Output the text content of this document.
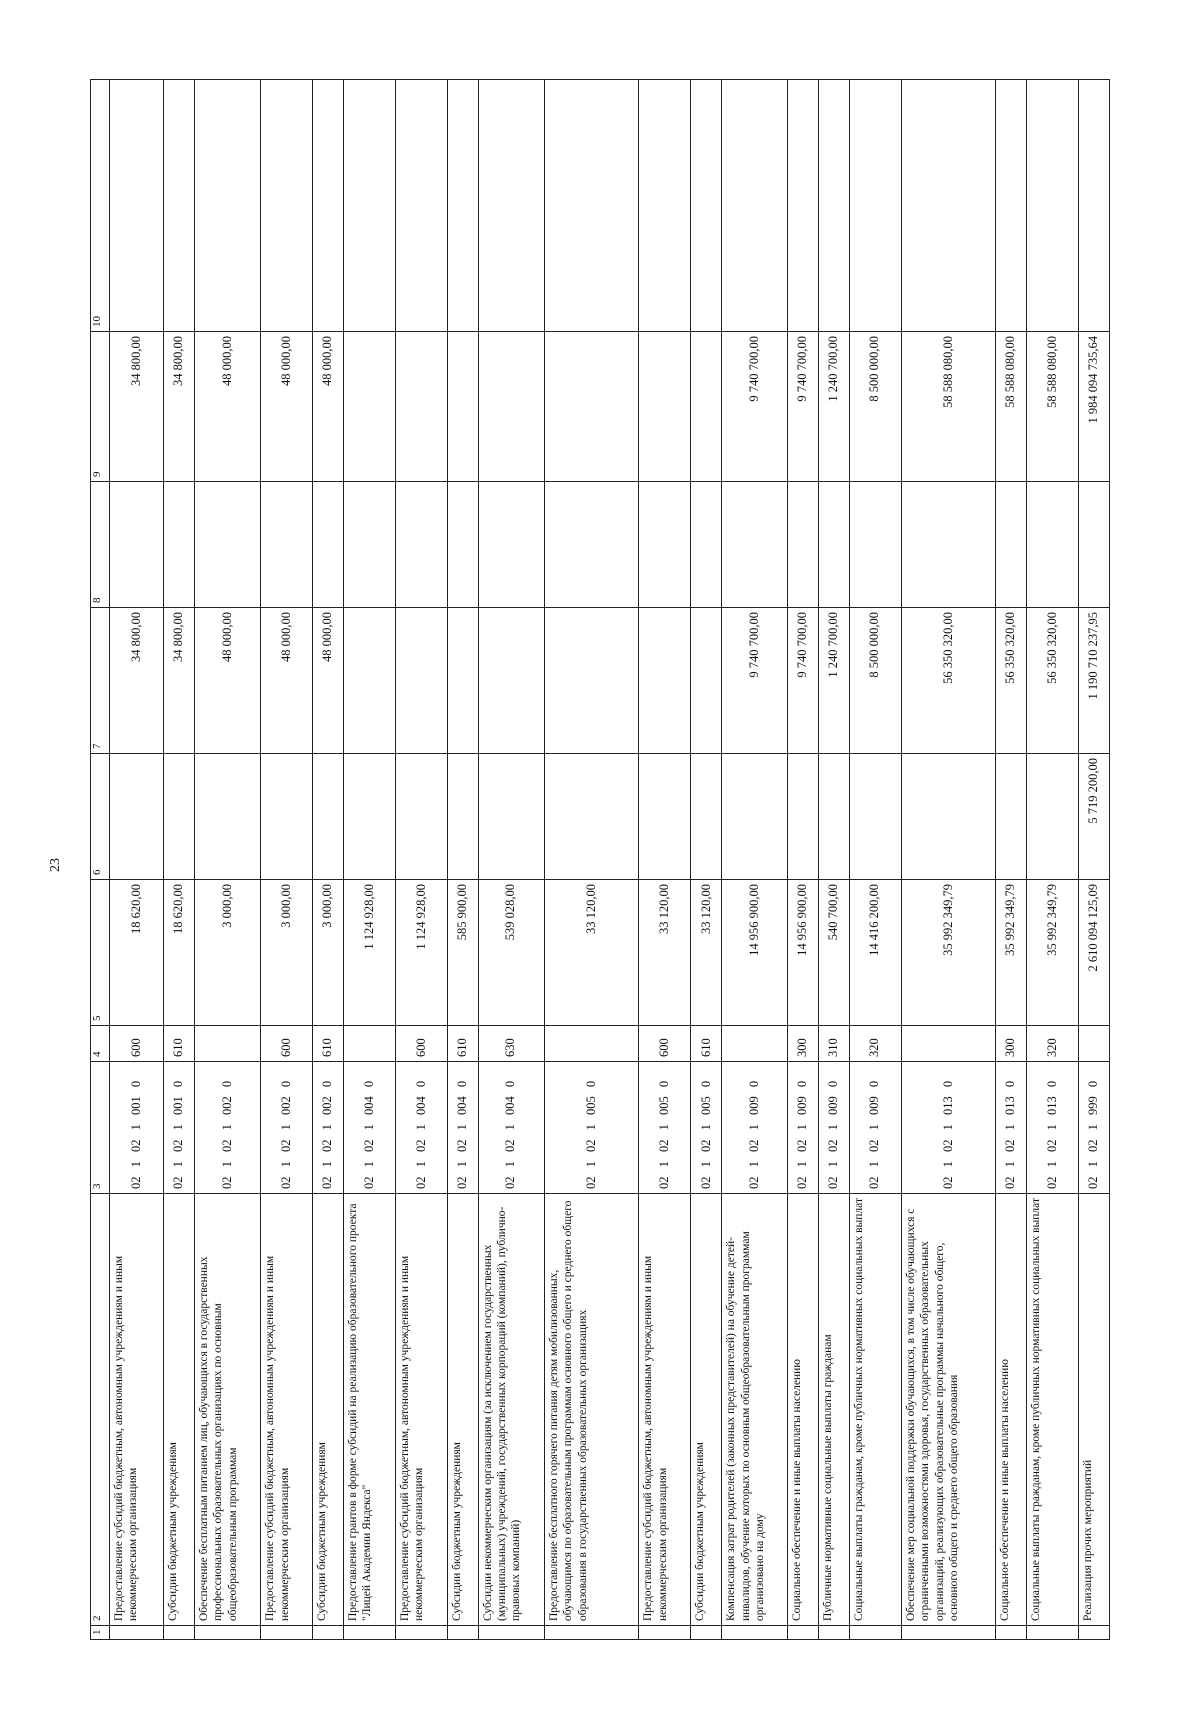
23
1	2	3	4	5	6	7	8	9	10
	Предоставление субсидий бюджетным, автономным учреждениям и иным некоммерческим организациям	02 1 02 1 001 0	600	18 620,00		34 800,00		34 800,00	
	Субсидии бюджетным учреждениям	02 1 02 1 001 0	610	18 620,00		34 800,00		34 800,00	
	Обеспечение бесплатным питанием лиц, обучающихся в государственных профессиональных образовательных организациях по основным общеобразовательным программам	02 1 02 1 002 0		3 000,00		48 000,00		48 000,00	
	Предоставление субсидий бюджетным, автономным учреждениям и иным некоммерческим организациям	02 1 02 1 002 0	600	3 000,00		48 000,00		48 000,00	
	Субсидии бюджетным учреждениям	02 1 02 1 002 0	610	3 000,00		48 000,00		48 000,00	
	Предоставление грантов в форме субсидий на реализацию образовательного проекта "Лицей Академии Яндекса"	02 1 02 1 004 0		1 124 928,00					
	Предоставление субсидий бюджетным, автономным учреждениям и иным некоммерческим организациям	02 1 02 1 004 0	600	1 124 928,00					
	Субсидии бюджетным учреждениям	02 1 02 1 004 0	610	585 900,00					
	Субсидии некоммерческим организациям (за исключением государственных (муниципальных) учреждений, государственных корпораций (компаний), публично-правовых компаний)	02 1 02 1 004 0	630	539 028,00					
	Предоставление бесплатного горячего питания детям мобилизованных, обучающимся по образовательным программам основного общего и среднего общего образования в государственных образовательных организациях	02 1 02 1 005 0		33 120,00					
	Предоставление субсидий бюджетным, автономным учреждениям и иным некоммерческим организациям	02 1 02 1 005 0	600	33 120,00					
	Субсидии бюджетным учреждениям	02 1 02 1 005 0	610	33 120,00					
	Компенсация затрат родителей (законных представителей) на обучение детей-инвалидов, обучение которых по основным общеобразовательным программам организовано на дому	02 1 02 1 009 0		14 956 900,00		9 740 700,00		9 740 700,00	
	Социальное обеспечение и иные выплаты населению	02 1 02 1 009 0	300	14 956 900,00		9 740 700,00		9 740 700,00	
	Публичные нормативные социальные выплаты гражданам	02 1 02 1 009 0	310	540 700,00		1 240 700,00		1 240 700,00	
	Социальные выплаты гражданам, кроме публичных нормативных социальных выплат	02 1 02 1 009 0	320	14 416 200,00		8 500 000,00		8 500 000,00	
	Обеспечение мер социальной поддержки обучающихся, в том числе обучающихся с ограниченными возможностями здоровья, государственных образовательных организаций, реализующих образовательные программы начального общего, основного общего и среднего общего образования	02 1 02 1 013 0		35 992 349,79		56 350 320,00		58 588 080,00	
	Социальное обеспечение и иные выплаты населению	02 1 02 1 013 0	300	35 992 349,79		56 350 320,00		58 588 080,00	
	Социальные выплаты гражданам, кроме публичных нормативных социальных выплат	02 1 02 1 013 0	320	35 992 349,79		56 350 320,00		58 588 080,00	
	Реализация прочих мероприятий	02 1 02 1 999 0		2 610 094 125,09	5 719 200,00	1 190 710 237,95		1 984 094 735,64	
